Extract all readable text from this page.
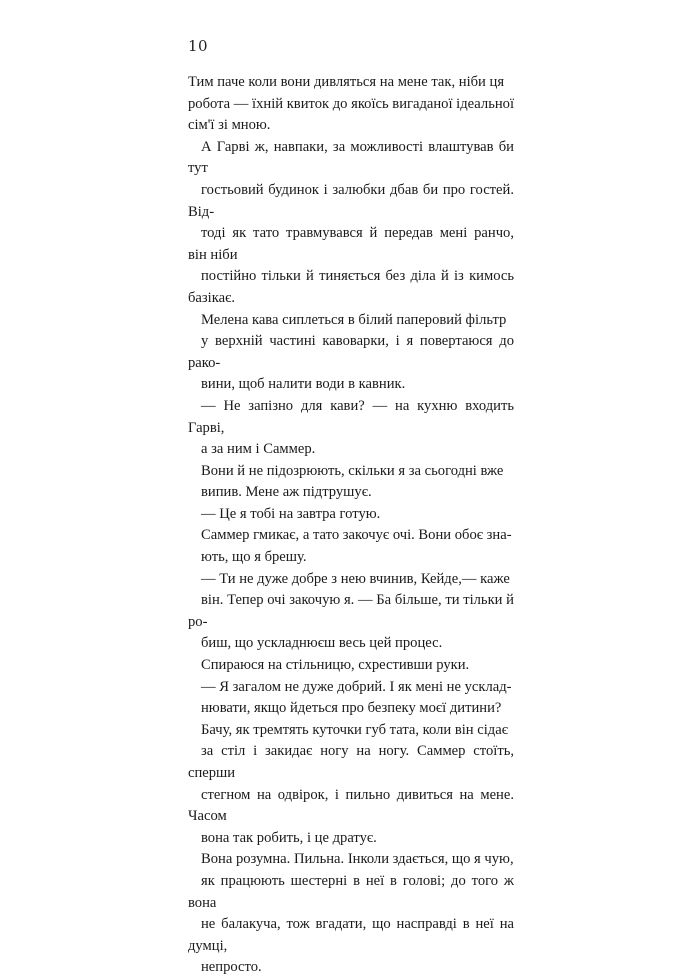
10

Тим паче коли вони дивляться на мене так, ніби ця
робота — їхній квиток до якоїсь вигаданої ідеальної
сім'ї зі мною.

А Гарві ж, навпаки, за можливості влаштував би тут
гостьовий будинок і залюбки дбав би про гостей. Від-
тоді як тато травмувався й передав мені ранчо, він ніби
постійно тільки й тиняється без діла й із кимось базікає.

Мелена кава сиплеться в білий паперовий фільтр
у верхній частині кавоварки, і я повертаюся до рако-
вини, щоб налити води в кавник.

— Не запізно для кави? — на кухню входить Гарві,
а за ним і Саммер.

Вони й не підозрюють, скільки я за сьогодні вже
випив. Мене аж підтрушує.

— Це я тобі на завтра готую.

Саммер гмикає, а тато закочує очі. Вони обоє зна-
ють, що я брешу.

— Ти не дуже добре з нею вчинив, Кейде,— каже
він. Тепер очі закочую я. — Ба більше, ти тільки й ро-
биш, що ускладнюєш весь цей процес.

Спираюся на стільницю, схрестивши руки.

— Я загалом не дуже добрий. І як мені не усклад-
нювати, якщо йдеться про безпеку моєї дитини?

Бачу, як тремтять куточки губ тата, коли він сідає
за стіл і закидає ногу на ногу. Саммер стоїть, сперши
стегном на одвірок, і пильно дивиться на мене. Часом
вона так робить, і це дратує.

Вона розумна. Пильна. Інколи здається, що я чую,
як працюють шестерні в неї в голові; до того ж вона
не балакуча, тож вгадати, що насправді в неї на думці,
непросто.
